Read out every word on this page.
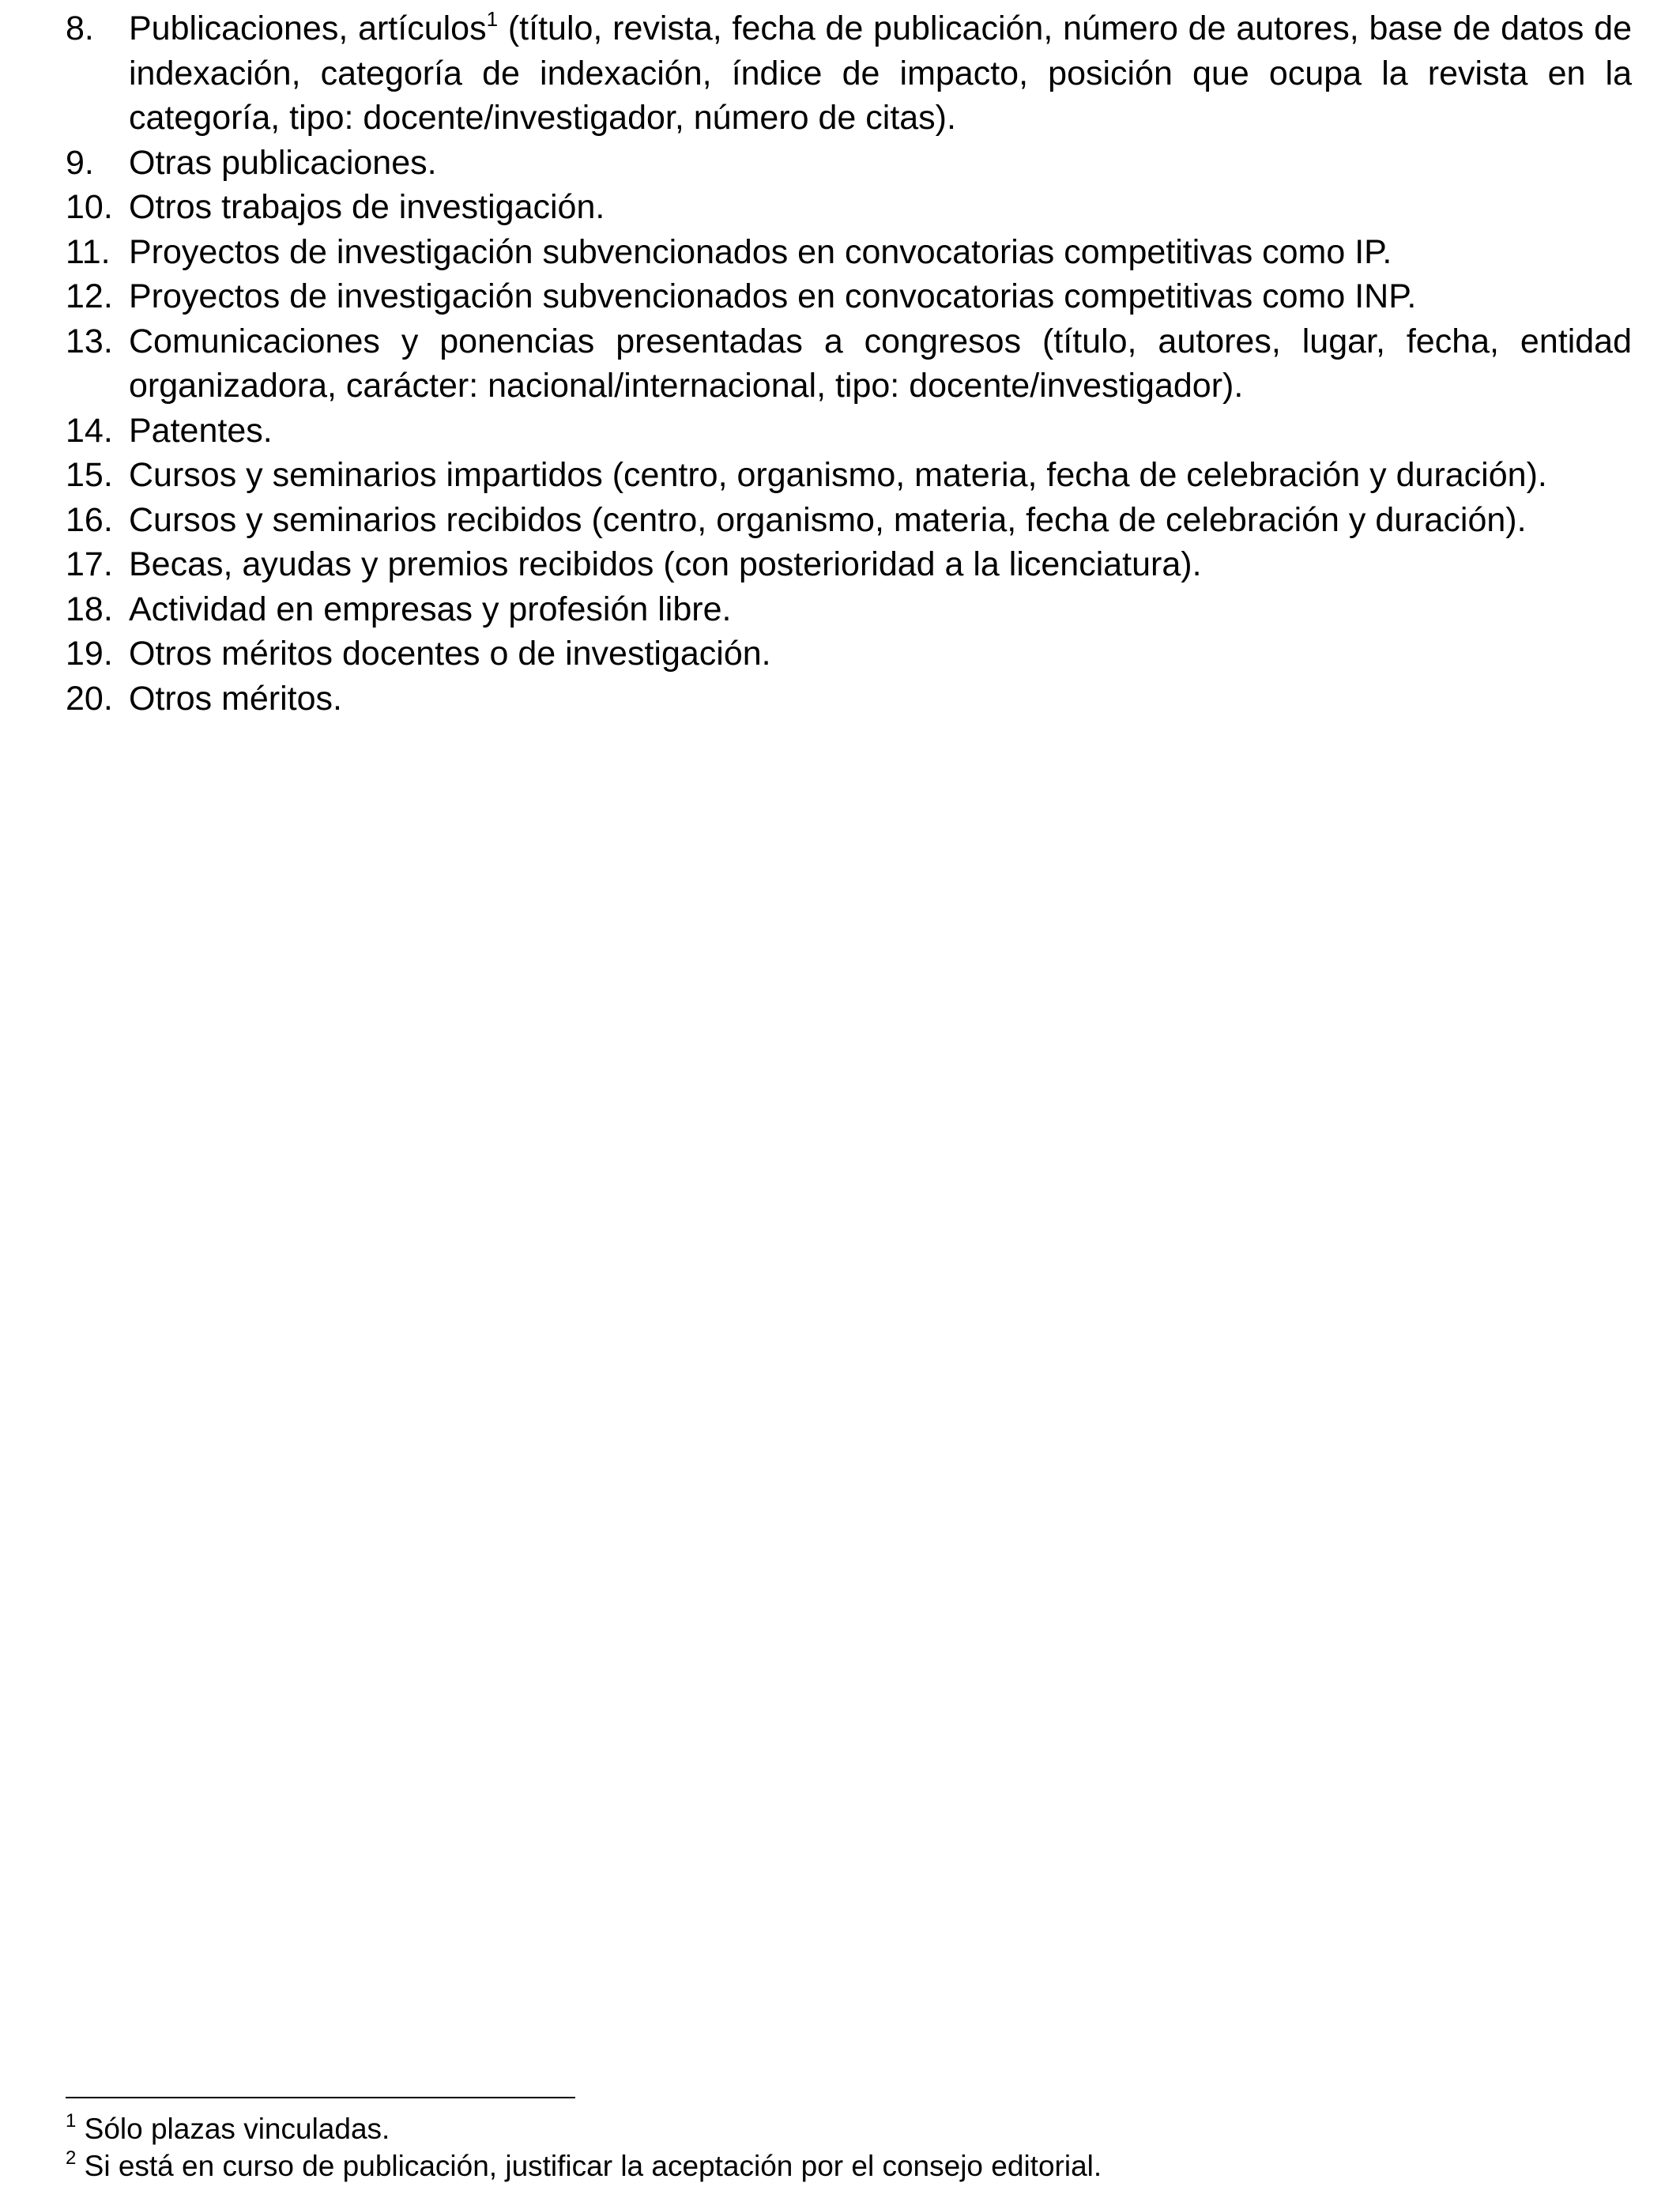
8.	Publicaciones, artículos$^1$ (título, revista, fecha de publicación, número de autores, base de datos de indexación, categoría de indexación, índice de impacto, posición que ocupa la revista en la categoría, tipo: docente/investigador, número de citas).
9.	Otras publicaciones.
10. Otros trabajos de investigación.
11. Proyectos de investigación subvencionados en convocatorias competitivas como IP.
12. Proyectos de investigación subvencionados en convocatorias competitivas como INP.
13. Comunicaciones y ponencias presentadas a congresos (título, autores, lugar, fecha, entidad organizadora, carácter: nacional/internacional, tipo: docente/investigador).
14. Patentes.
15. Cursos y seminarios impartidos (centro, organismo, materia, fecha de celebración y duración).
16. Cursos y seminarios recibidos (centro, organismo, materia, fecha de celebración y duración).
17. Becas, ayudas y premios recibidos (con posterioridad a la licenciatura).
18. Actividad en empresas y profesión libre.
19. Otros méritos docentes o de investigación.
20. Otros méritos.
$^1$ Sólo plazas vinculadas.
$^2$ Si está en curso de publicación, justificar la aceptación por el consejo editorial.
